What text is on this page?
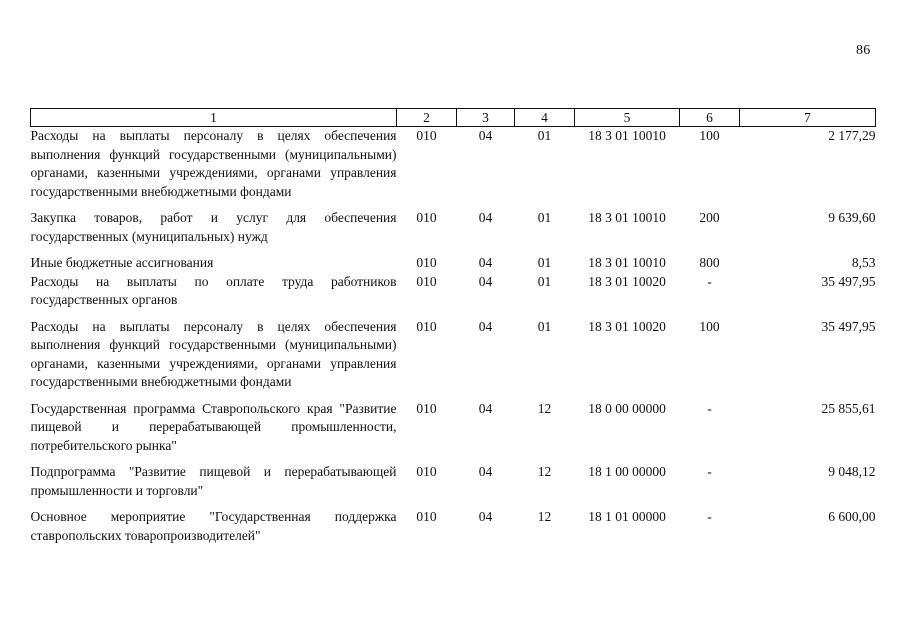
86
1	2	3	4	5	6	7
Расходы на выплаты персоналу в целях обеспечения выполнения функций государственными (муниципальными) органами, казенными учреждениями, органами управления государственными внебюджетными фондами	010	04	01	18 3 01 10010	100	2 177,29

Закупка товаров, работ и услуг для обеспечения государственных (муниципальных) нужд	010	04	01	18 3 01 10010	200	9 639,60

Иные бюджетные ассигнования	010	04	01	18 3 01 10010	800	8,53
Расходы на выплаты по оплате труда работников государственных органов	010	04	01	18 3 01 10020	-	35 497,95

Расходы на выплаты персоналу в целях обеспечения выполнения функций государственными (муниципальными) органами, казенными учреждениями, органами управления государственными внебюджетными фондами	010	04	01	18 3 01 10020	100	35 497,95

Государственная программа Ставропольского края "Развитие пищевой и перерабатывающей промышленности, потребительского рынка"	010	04	12	18 0 00 00000	-	25 855,61

Подпрограмма "Развитие пищевой и перерабатывающей промышленности и торговли"	010	04	12	18 1 00 00000	-	9 048,12

Основное мероприятие "Государственная поддержка ставропольских товаропроизводителей"	010	04	12	18 1 01 00000	-	6 600,00
